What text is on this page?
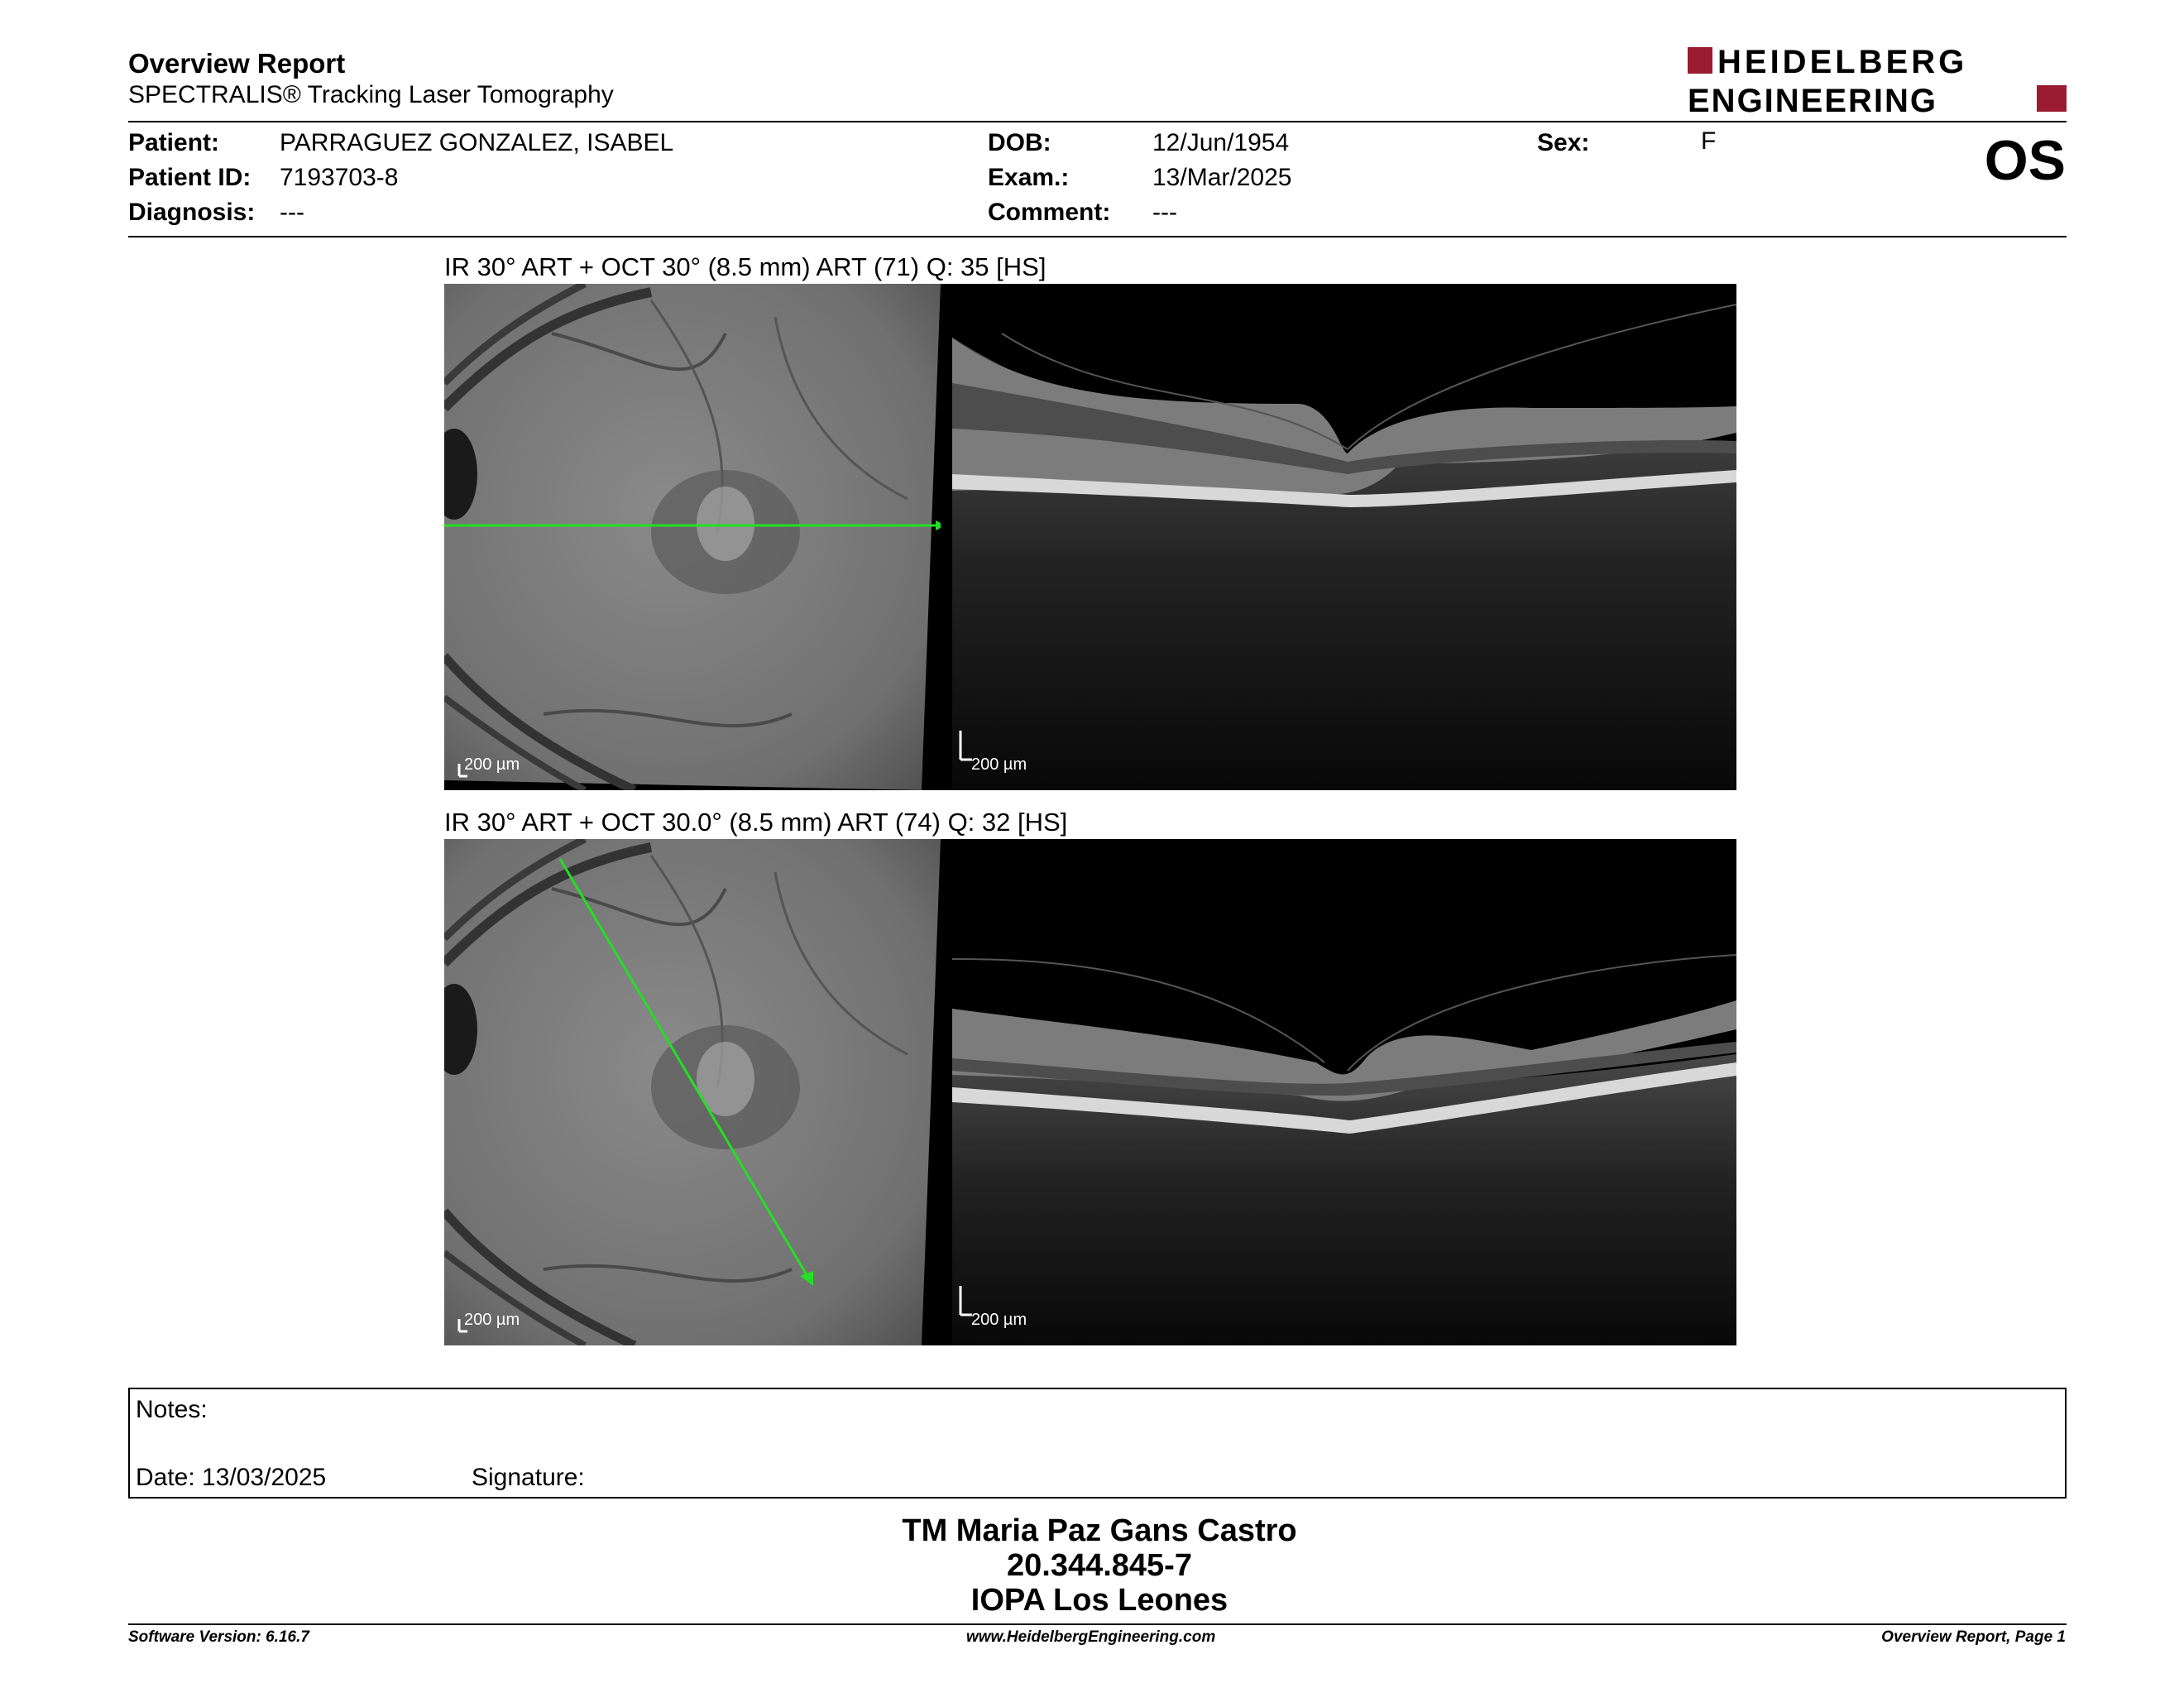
Overview Report
SPECTRALIS® Tracking Laser Tomography
HEIDELBERG
ENGINEERING
Patient: PARRAGUEZ GONZALEZ, ISABEL
Patient ID: 7193703-8
Diagnosis: ---
DOB:	12/Jun/1954
Exam.:	13/Mar/2025
Comment: ---
Sex:	F	OS
IR 30° ART + OCT 30° (8.5 mm) ART (71) Q: 35 [HS]
200 µm	200 µm
IR 30° ART + OCT 30.0° (8.5 mm) ART (74) Q: 32 [HS]
200 µm	200 µm
Notes:
Date: 13/03/2025	Signature:
TM Maria Paz Gans Castro
20.344.845-7
IOPA Los Leones
Software Version: 6.16.7	www.HeidelbergEngineering.com	Overview Report, Page 1
